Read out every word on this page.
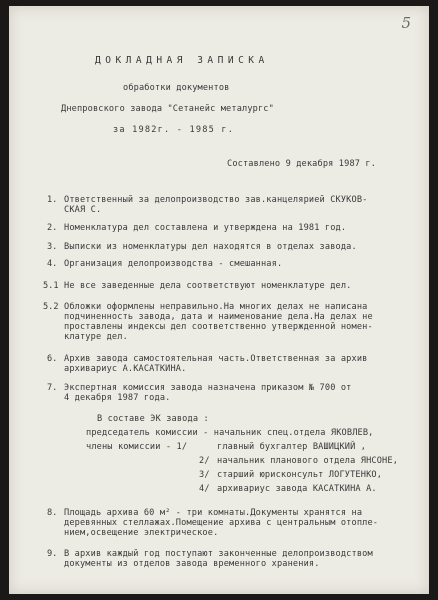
5
ДОКЛАДНАЯ ЗАПИСКА
обработки документов
Днепровского завода "Сетанейс металургс"
за 1982г. - 1985 г.
Составлено 9 декабря 1987 г.
1. Ответственный за делопроизводство зав.канцелярией СКУКОВ-
СКАЯ С.
2. Номенклатура дел составлена и утверждена на 1981 год.
3. Выписки из номенклатуры дел находятся в отделах завода.
4. Организация делопроизводства - смешанная.
5.1 Не все заведенные дела соответствуют номенклатуре дел.
5.2 Обложки оформлены неправильно.На многих делах не написана
подчиненность завода, дата и наименование дела.На делах не
проставлены индексы дел соответственно утвержденной номен-
клатуре дел.
6. Архив завода самостоятельная часть.Ответственная за архив
архивариус А.КАСАТКИНА.
7. Экспертная комиссия завода назначена приказом № 700 от
4 декабря 1987 года.
В составе ЭК завода :
председатель комиссии - начальник спец.отдела ЯКОВЛЕВ,
члены комиссии - 1/	главный бухгалтер ВАШИЦКИЙ ,
2/ начальник планового отдела ЯНСОНЕ,
3/ старший юрисконсульт ЛОГУТЕНКО,
4/ архивариус завода КАСАТКИНА А.
8. Площадь архива 60 м² - три комнаты.Документы хранятся на
деревянных стеллажах.Помещение архива с центральным отопле-
нием,освещение электрическое.
9. В архив каждый год поступают законченные делопроизводством
документы из отделов завода временного хранения.
